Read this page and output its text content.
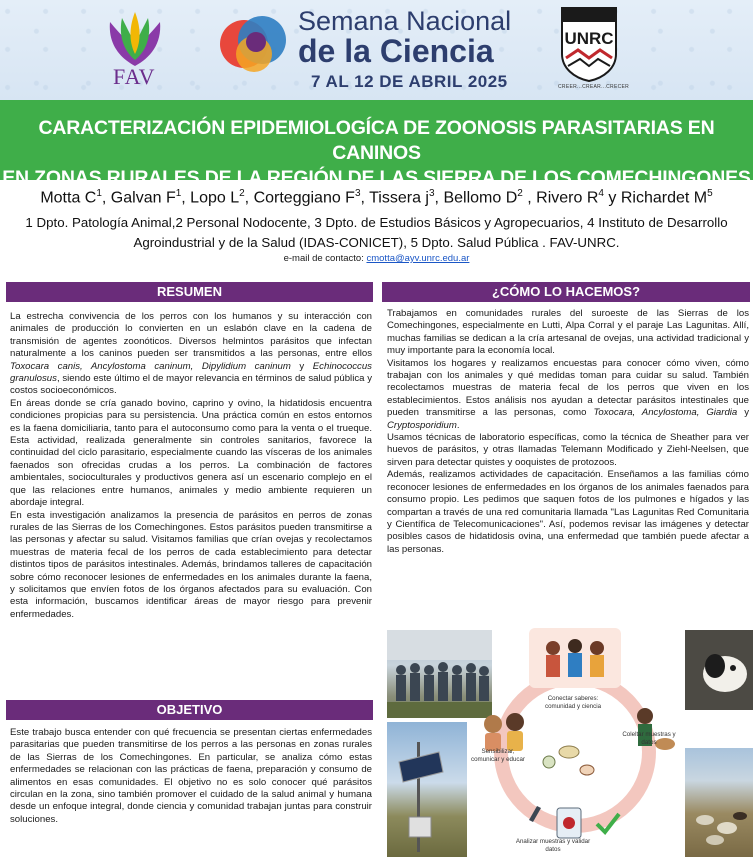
FAV
Semana Nacional
de la Ciencia
7 AL 12 DE ABRIL 2025
UNRC
CREER...CREAR...CRECER
CARACTERIZACIÓN EPIDEMIOLOGÍCA DE ZOONOSIS PARASITARIAS EN CANINOS
EN ZONAS RURALES DE LA REGIÓN DE LAS SIERRA DE LOS COMECHINGONES
Motta $C^1$, Galvan $F^1$, Lopo $L^2$, Corteggiano $F^3$, Tissera $j^3$, Bellomo $D^2$ , Rivero $R^4$ y Richardet $M^5$
1 Dpto. Patología Animal,2 Personal Nodocente, 3 Dpto. de Estudios Básicos y Agropecuarios, 4 Instituto de Desarrollo Agroindustrial y de la Salud (IDAS-CONICET), 5 Dpto. Salud Pública . FAV-UNRC.
e-mail de contacto: cmotta@ayv.unrc.edu.ar
RESUMEN

La estrecha convivencia de los perros con los humanos y su interacción con animales de producción lo convierten en un eslabón clave en la cadena de transmisión de agentes zoonóticos. Diversos helmintos parásitos que infectan naturalmente a los caninos pueden ser transmitidos a las personas, entre ellos Toxocara canis, Ancylostoma caninum, Dipylidium caninum y Echinococcus granulosus, siendo este último el de mayor relevancia en términos de salud pública y costos socioeconómicos.

En áreas donde se cría ganado bovino, caprino y ovino, la hidatidosis encuentra condiciones propicias para su persistencia. Una práctica común en estos entornos es la faena domiciliaria, tanto para el autoconsumo como para la venta o el trueque. Esta actividad, realizada generalmente sin controles sanitarios, favorece la continuidad del ciclo parasitario, especialmente cuando las vísceras de los animales faenados son ofrecidas crudas a los perros. La combinación de factores ambientales, socioculturales y productivos genera así un escenario complejo en el que las relaciones entre humanos, animales y medio ambiente requieren un abordaje integral.

En esta investigación analizamos la presencia de parásitos en perros de zonas rurales de las Sierras de los Comechingones. Estos parásitos pueden transmitirse a las personas y afectar su salud. Visitamos familias que crían ovejas y recolectamos muestras de materia fecal de los perros de cada establecimiento para detectar distintos tipos de parásitos intestinales. Además, brindamos talleres de capacitación sobre cómo reconocer lesiones de enfermedades en los animales durante la faena, y solicitamos que envíen fotos de los órganos afectados para su evaluación. Con esta información, buscamos identificar áreas de mayor riesgo para prevenir enfermedades.

OBJETIVO
Este trabajo busca entender con qué frecuencia se presentan ciertas enfermedades parasitarias que pueden transmitirse de los perros a las personas en zonas rurales de las Sierras de los Comechingones. En particular, se analiza cómo estas enfermedades se relacionan con las prácticas de faena, preparación y consumo de alimentos en esas comunidades. El objetivo no es solo conocer qué parásitos circulan en la zona, sino también promover el cuidado de la salud animal y humana desde un enfoque integral, donde ciencia y comunidad trabajan juntas para construir soluciones.
¿CÓMO LO HACEMOS?

Trabajamos en comunidades rurales del suroeste de las Sierras de los Comechingones, especialmente en Lutti, Alpa Corral y el paraje Las Lagunitas. Allí, muchas familias se dedican a la cría artesanal de ovejas, una actividad tradicional y muy importante para la economía local.

Visitamos los hogares y realizamos encuestas para conocer cómo viven, cómo trabajan con los animales y qué medidas toman para cuidar su salud. También recolectamos muestras de materia fecal de los perros que viven en los establecimientos. Estos análisis nos ayudan a detectar parásitos intestinales que pueden transmitirse a las personas, como Toxocara, Ancylostoma, Giardia y Cryptosporidium.

Usamos técnicas de laboratorio específicas, como la técnica de Sheather para ver huevos de parásitos, y otras llamadas Telemann Modificado y Ziehl-Neelsen, que sirven para detectar quistes y ooquistes de protozoos.

Además, realizamos actividades de capacitación. Enseñamos a las familias cómo reconocer lesiones de enfermedades en los órganos de los animales faenados para consumo propio. Les pedimos que saquen fotos de los pulmones e hígados y las compartan a través de una red comunitaria llamada "Las Lagunitas Red Comunitaria y Científica de Telecomunicaciones". Así, podemos revisar las imágenes y detectar posibles casos de hidatidosis ovina, una enfermedad que también puede afectar a las personas.

Conectar saberes: comunidad y ciencia
Coleltar muestras y datos
Sensibilizar, comunicar y educar
Analizar muestras y validar datos
